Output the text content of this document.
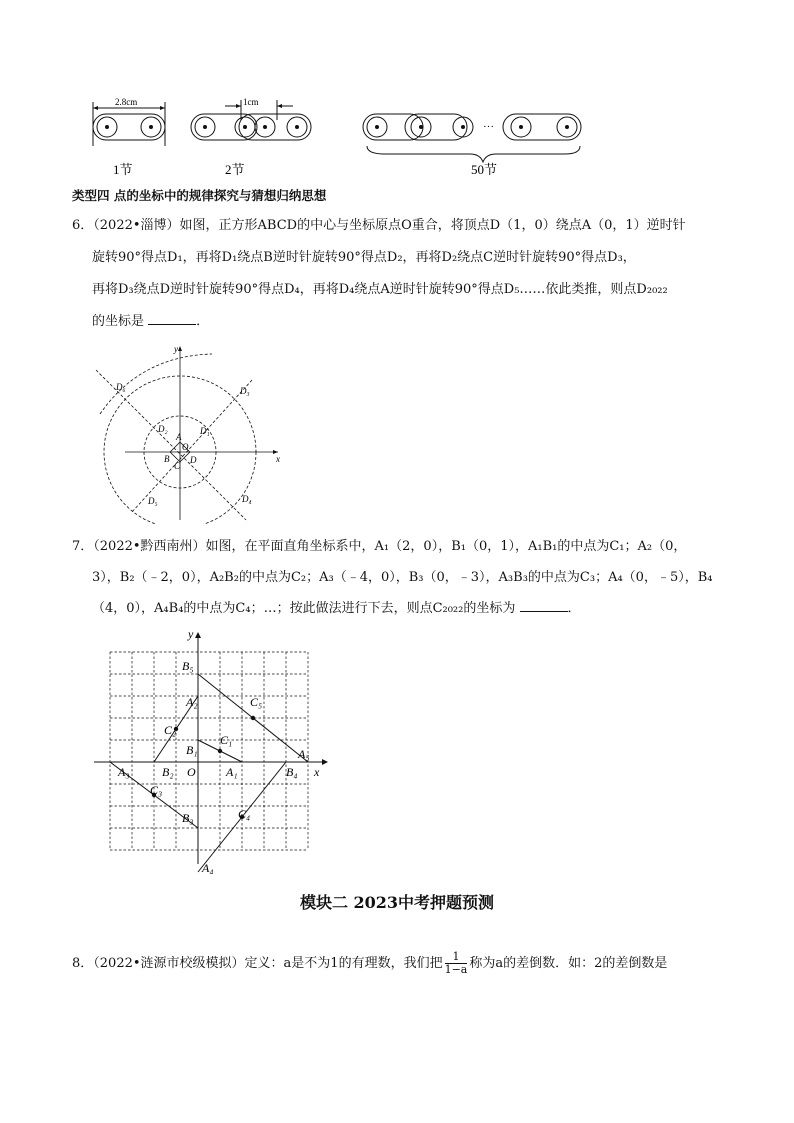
2.8cm	1cm
···
1节	2节	50节
类型四 点的坐标中的规律探究与猜想归纳思想
6．（2022•淄博）如图，正方形ABCD的中心与坐标原点O重合，将顶点D（1，0）绕点A（0，1）逆时针
旋转90°得点D₁，再将D₁绕点B逆时针旋转90°得点D₂，再将D₂绕点C逆时针旋转90°得点D₃，
再将D₃绕点D逆时针旋转90°得点D₄，再将D₄绕点A逆时针旋转90°得点D₅……依此类推，则点D₂₀₂₂
的坐标是	．
y
x
D₆	D₃
D₂	D₁
A
O
B
C
D
D₅	D₄
7．（2022•黔西南州）如图，在平面直角坐标系中，A₁（2，0），B₁（0，1），A₁B₁的中点为C₁；A₂（0，
3），B₂（﹣2，0），A₂B₂的中点为C₂；A₃（﹣4，0），B₃（0，﹣3），A₃B₃的中点为C₃；A₄（0，﹣5），B₄
（4，0），A₄B₄的中点为C₄；…；按此做法进行下去，则点C₂₀₂₂的坐标为	．
y
x
O
B₅
A₂	C₅
C₂
C₁
B₁	A₅
A₃	B₂	A₁	B₄
C₃
B₃	C₄
A₄
模块二 2023中考押题预测
8．（2022•涟源市校级模拟）定义：a是不为1的有理数，我们把 $\frac{1}{1-a}$ 称为a的差倒数．如：2的差倒数是
